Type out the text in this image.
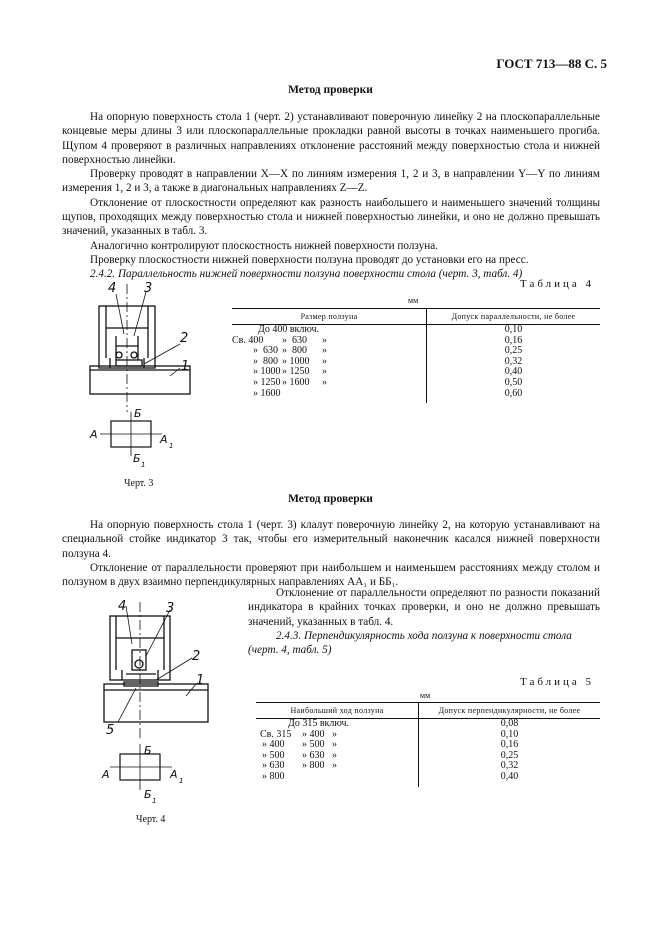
ГОСТ 713—88 С. 5
Метод проверки

На опорную поверхность стола 1 (черт. 2) устанавливают поверочную линейку 2 на плоскопараллельные концевые меры длины 3 или плоскопараллельные прокладки равной высоты в точках наименьшего прогиба. Щупом 4 проверяют в различных направлениях отклонение расстояний между поверхностью стола и нижней поверхностью линейки.

Проверку проводят в направлении X—X по линиям измерения 1, 2 и 3, в направлении Y—Y по линиям измерения 1, 2 и 3, а также в диагональных направлениях Z—Z.

Отклонение от плоскостности определяют как разность наибольшего и наименьшего значений толщины щупов, проходящих между поверхностью стола и нижней поверхностью линейки, и оно не должно превышать значений, указанных в табл. 3.

Аналогично контролируют плоскостность нижней поверхности ползуна.

Проверку плоскостности нижней поверхности ползуна проводят до установки его на пресс.

2.4.2. Параллельность нижней поверхности ползуна поверхности стола (черт. 3, табл. 4)

Таблица 4
мм
Размер ползуна	Допуск параллельности, не более

До 400 включ.	0,10

Св. 400 »  630 »	0,16

»  630 »  800 »	0,25

»  800 » 1000 »	0,32

» 1000 » 1250 »	0,40

» 1250 » 1600 »	0,50

» 1600	0,60

4 3
2
1
Б
А	А 1
Б 1
Черт. 3
Метод проверки

На опорную поверхность стола 1 (черт. 3) клалут поверочную линейку 2, на которую устанавливают на специальной стойке индикатор 3 так, чтобы его измерительный наконечник касался нижней поверхности ползуна 4.

Отклонение от параллельности проверяют при наибольшем и наименьшем расстояниях между столом и ползуном в двух взаимно перпендикулярных направлениях АА₁ и ББ₁.

Отклонение от параллельности определяют по разности показаний индикатора в крайних точках проверки, и оно не должно превышать значений, указанных в табл. 4.

2.4.3. Перпендикулярность хода ползуна к поверхности стола (черт. 4, табл. 5)

4	3
2
1
5
Б
А	А 1
Б 1
Черт. 4
Таблица 5
мм
Наибольший ход ползуна	Допуск перпендикулярности, не более

До 315 включ.	0,08

Св. 315 » 400 »	0,10

» 400 » 500 »	0,16

» 500 » 630 »	0,25

» 630 » 800 »	0,32

» 800	0,40
